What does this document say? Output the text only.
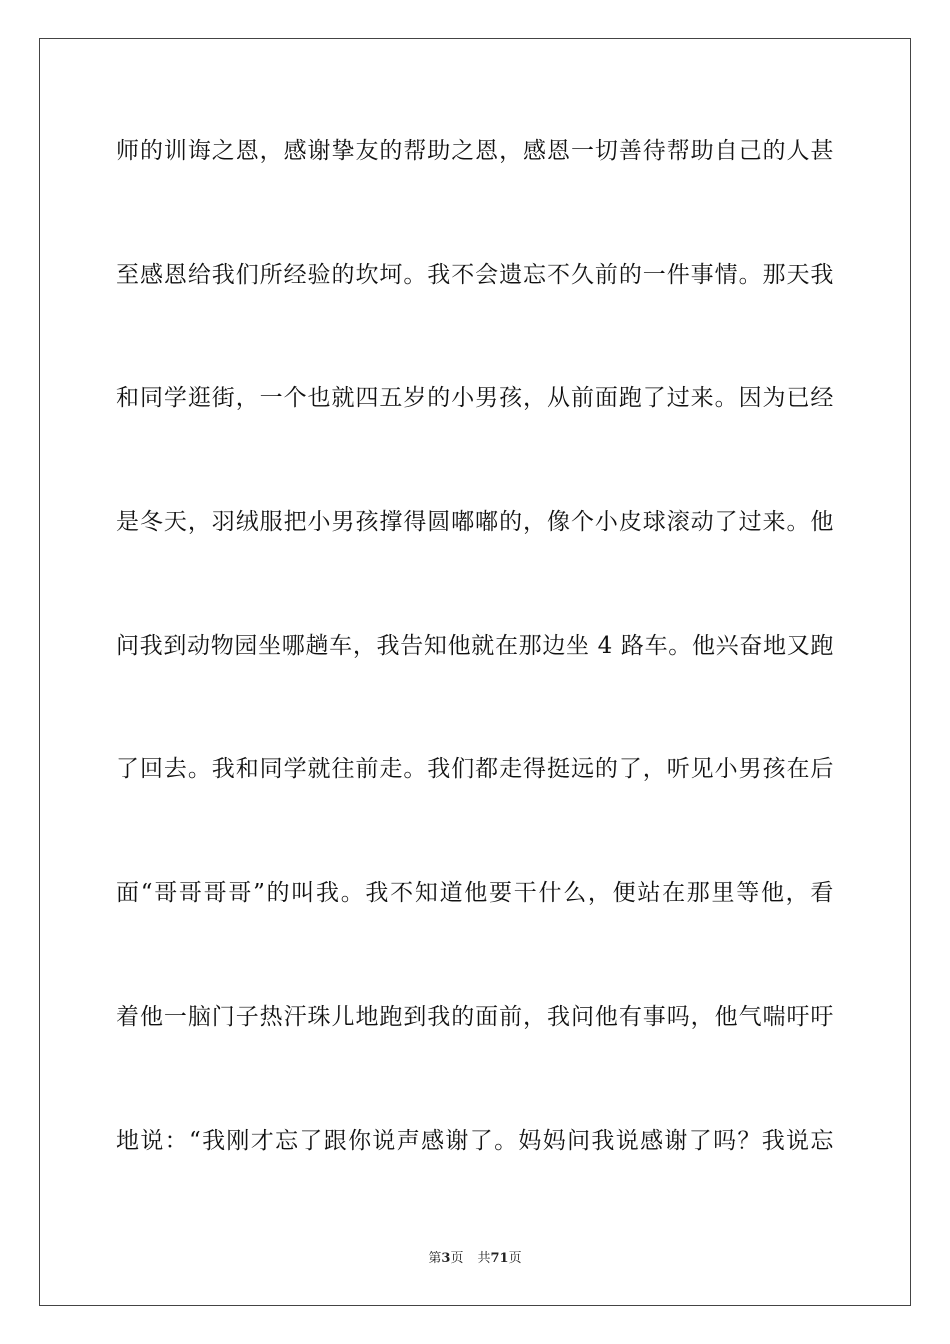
师的训诲之恩，感谢挚友的帮助之恩，感恩一切善待帮助自己的人甚
至感恩给我们所经验的坎坷。我不会遗忘不久前的一件事情。那天我
和同学逛街，一个也就四五岁的小男孩，从前面跑了过来。因为已经
是冬天，羽绒服把小男孩撑得圆嘟嘟的，像个小皮球滚动了过来。他
问我到动物园坐哪趟车，我告知他就在那边坐 4 路车。他兴奋地又跑
了回去。我和同学就往前走。我们都走得挺远的了，听见小男孩在后
面“哥哥哥哥”的叫我。我不知道他要干什么，便站在那里等他，看
着他一脑门子热汗珠儿地跑到我的面前，我问他有事吗，他气喘吁吁
地说：“我刚才忘了跟你说声感谢了。妈妈问我说感谢了吗？我说忘
第3页 共71页
